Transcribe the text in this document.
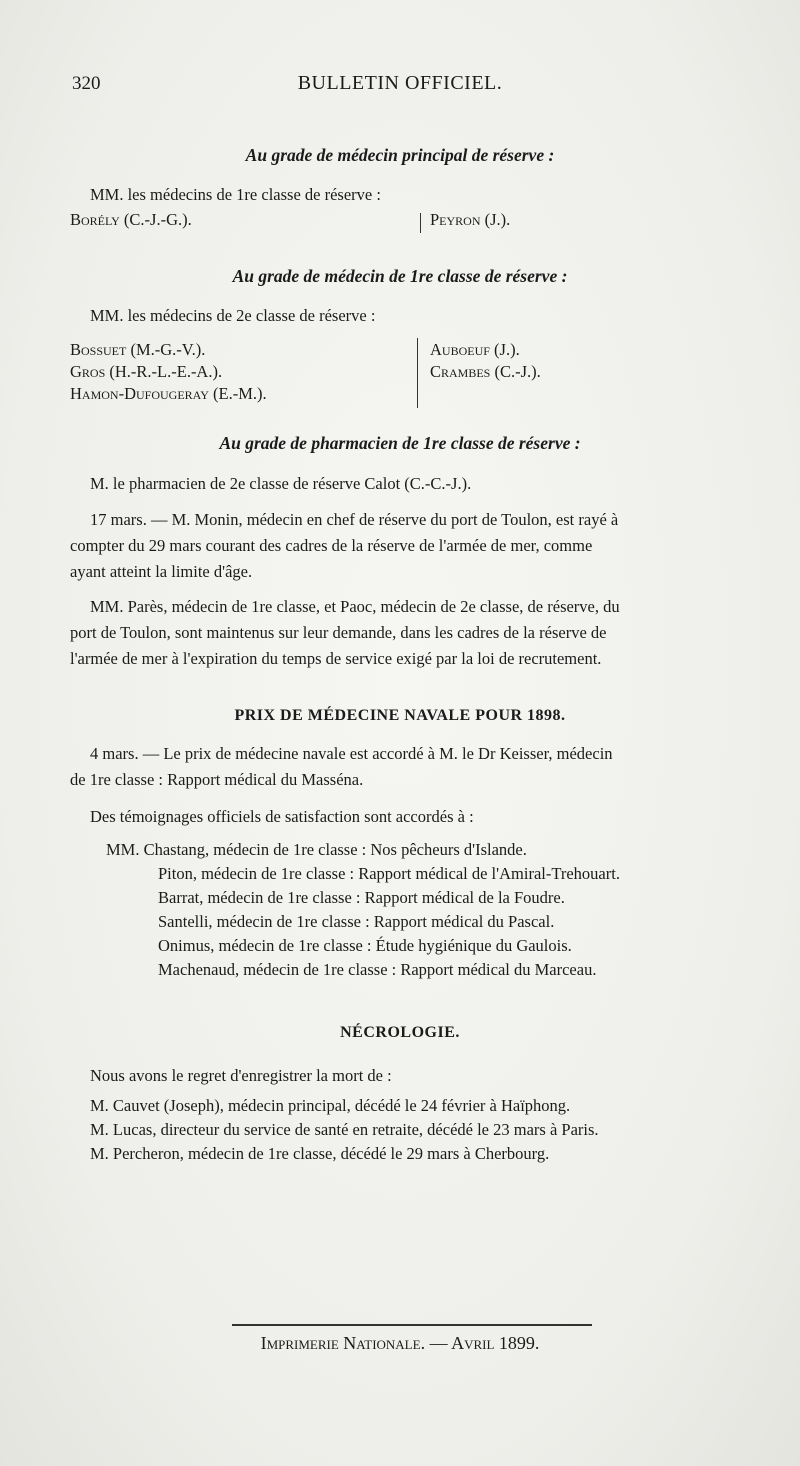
320	BULLETIN OFFICIEL.
Au grade de médecin principal de réserve :
MM. les médecins de 1re classe de réserve :
Borély (C.-J.-G.).	Peyron (J.).
Au grade de médecin de 1re classe de réserve :
MM. les médecins de 2e classe de réserve :
Bossuet (M.-G.-V.).
Gros (H.-R.-L.-E.-A.).
Hamon-Dufougeray (E.-M.).
Auboeuf (J.).
Crambes (C.-J.).
Au grade de pharmacien de 1re classe de réserve :
M. le pharmacien de 2e classe de réserve Calot (C.-C.-J.).
17 mars. — M. Monin, médecin en chef de réserve du port de Toulon, est rayé à
compter du 29 mars courant des cadres de la réserve de l'armée de mer, comme
ayant atteint la limite d'âge.
MM. Parès, médecin de 1re classe, et Paoc, médecin de 2e classe, de réserve, du
port de Toulon, sont maintenus sur leur demande, dans les cadres de la réserve de
l'armée de mer à l'expiration du temps de service exigé par la loi de recrutement.
PRIX DE MÉDECINE NAVALE POUR 1898.
4 mars. — Le prix de médecine navale est accordé à M. le Dr Keisser, médecin
de 1re classe : Rapport médical du Masséna.
Des témoignages officiels de satisfaction sont accordés à :
MM. Chastang, médecin de 1re classe : Nos pêcheurs d'Islande.
Piton, médecin de 1re classe : Rapport médical de l'Amiral-Trehouart.
Barrat, médecin de 1re classe : Rapport médical de la Foudre.
Santelli, médecin de 1re classe : Rapport médical du Pascal.
Onimus, médecin de 1re classe : Étude hygiénique du Gaulois.
Machenaud, médecin de 1re classe : Rapport médical du Marceau.
NÉCROLOGIE.
Nous avons le regret d'enregistrer la mort de :
M. Cauvet (Joseph), médecin principal, décédé le 24 février à Haïphong.
M. Lucas, directeur du service de santé en retraite, décédé le 23 mars à Paris.
M. Percheron, médecin de 1re classe, décédé le 29 mars à Cherbourg.
Imprimerie Nationale. — Avril 1899.
